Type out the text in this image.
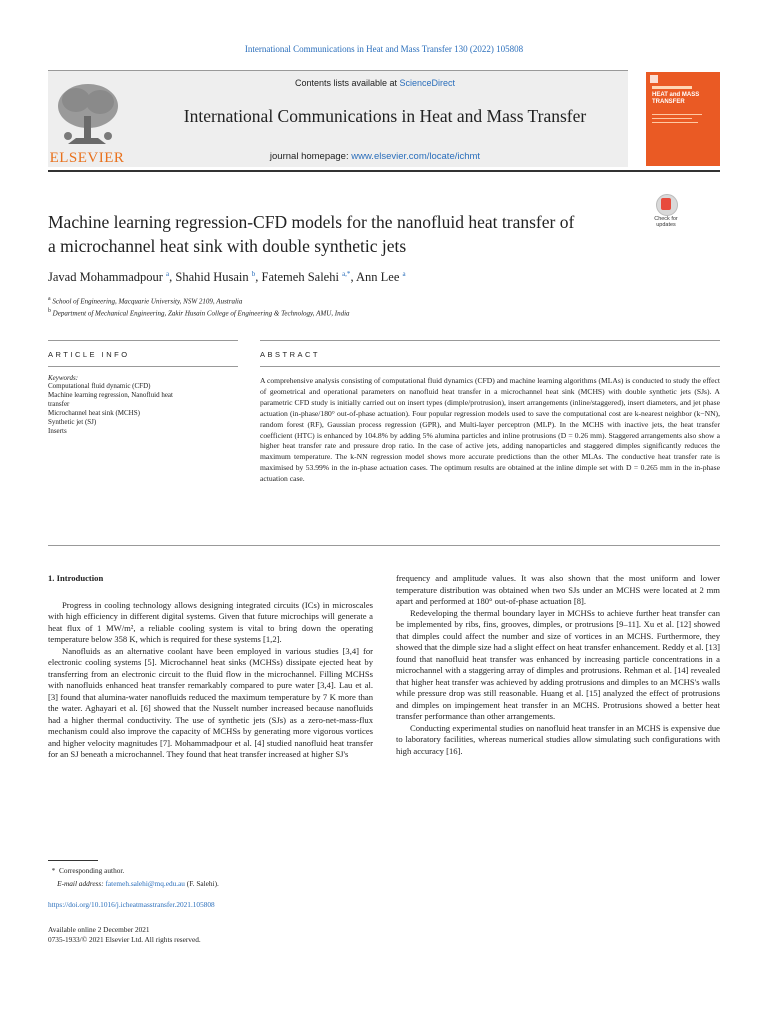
International Communications in Heat and Mass Transfer 130 (2022) 105808
ELSEVIER
Contents lists available at ScienceDirect
International Communications in Heat and Mass Transfer
journal homepage: www.elsevier.com/locate/ichmt
HEAT and MASS TRANSFER
Machine learning regression-CFD models for the nanofluid heat transfer of
a microchannel heat sink with double synthetic jets
Check for updates
Javad Mohammadpour $^a$, Shahid Husain $^b$, Fatemeh Salehi $^{a,*}$, Ann Lee $^a$
$^a$ School of Engineering, Macquarie University, NSW 2109, Australia
$^b$ Department of Mechanical Engineering, Zakir Husain College of Engineering & Technology, AMU, India
ARTICLE INFO	ABSTRACT
Keywords:
Computational fluid dynamic (CFD)
Machine learning regression, Nanofluid heat
transfer
Microchannel heat sink (MCHS)
Synthetic jet (SJ)
Inserts

A comprehensive analysis consisting of computational fluid dynamics (CFD) and machine learning algorithms (MLAs) is conducted to study the effect of geometrical and operational parameters on nanofluid heat transfer in a microchannel heat sink (MCHS) with double synthetic jets (SJs). A parametric CFD study is initially carried out on insert types (dimple/protrusion), insert arrangements (inline/staggered), insert diameters, and jet phase actuation (in-phase/180° out-of-phase actuation). Four popular regression models used to save the computational cost are k-nearest neighbor (k−NN), random forest (RF), Gaussian process regression (GPR), and Multi-layer perceptron (MLP). In the MCHS with inactive jets, the heat transfer coefficient (HTC) is enhanced by 104.8% by adding 5% alumina particles and inline protrusions (D = 0.26 mm). Staggered arrangements also show a higher heat transfer rate and pressure drop ratio. In the case of active jets, adding nanoparticles and staggered dimples significantly reduces the maximum temperature. The k-NN regression model shows more accurate predictions than the other MLAs. The conductive heat transfer rate is maximised by 53.99% in the in-phase actuation cases. The optimum results are obtained at the inline dimple set with D = 0.265 mm in the in-phase actuation case.

1. Introduction

Progress in cooling technology allows designing integrated circuits (ICs) in microscales with high efficiency in different digital systems. Given that future microchips will generate a heat flux of 1 MW/m², a reliable cooling system is vital to bring down the operating temperature below 358 K, which is required for these systems [1,2].

Nanofluids as an alternative coolant have been employed in various studies [3,4] for electronic cooling systems [5]. Microchannel heat sinks (MCHSs) dissipate ejected heat by transferring from an electronic circuit to the fluid flow in the microchannel. Filling MCHSs with nanofluids enhanced heat transfer remarkably compared to pure water [3,4]. Lau et al. [3] found that alumina-water nanofluids reduced the maximum temperature by 7 K more than the water. Aghayari et al. [6] showed that the Nusselt number increased because nanofluids had a higher thermal conductivity. The use of synthetic jets (SJs) as a zero-net-mass-flux mechanism could also improve the capacity of MCHSs by generating more vigorous vortices and higher velocity magnitudes [7]. Mohammadpour et al. [4] studied nanofluid heat transfer for an SJ beneath a microchannel. They found that heat transfer increased at higher SJ's

frequency and amplitude values. It was also shown that the most uniform and lower temperature distribution was obtained when two SJs under an MCHS were located at 2 mm apart and performed at 180° out-of-phase actuation [8].

Redeveloping the thermal boundary layer in MCHSs to achieve further heat transfer can be implemented by ribs, fins, grooves, dimples, or protrusions [9–11]. Xu et al. [12] showed that dimples could affect the number and size of vortices in an MCHS. Furthermore, they showed that the dimple size had a slight effect on heat transfer enhancement. Reddy et al. [13] found that nanofluid heat transfer was enhanced by increasing particle concentrations in a microchannel with a staggering array of dimples and protrusions. Rehman et al. [14] revealed that higher heat transfer was achieved by adding protrusions and dimples to an MCHS's walls while pressure drop was still reasonable. Huang et al. [15] analyzed the effect of protrusions and dimples on impingement heat transfer in an MCHS. Protrusions showed a better heat transfer performance than other arrangements.

Conducting experimental studies on nanofluid heat transfer in an MCHS is expensive due to laboratory facilities, whereas numerical studies allow simulating such configurations with high accuracy [16].

*  Corresponding author.
E-mail address: fatemeh.salehi@mq.edu.au (F. Salehi).
https://doi.org/10.1016/j.icheatmasstransfer.2021.105808
Available online 2 December 2021
0735-1933/© 2021 Elsevier Ltd. All rights reserved.
